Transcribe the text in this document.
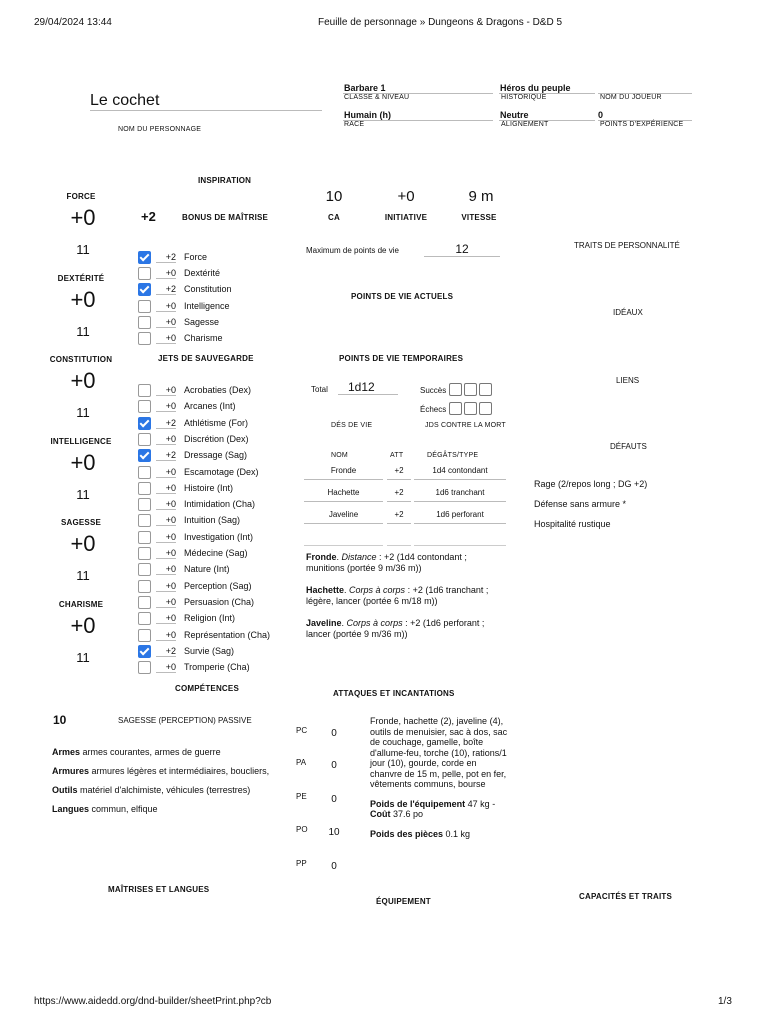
29/04/2024 13:44	Feuille de personnage » Dungeons & Dragons - D&D 5
https://www.aidedd.org/dnd-builder/sheetPrint.php?cb	1/3
Le cochet
NOM DU PERSONNAGE
Barbare 1
CLASSE & NIVEAU
Héros du peuple
HISTORIQUE	NOM DU JOUEUR
Humain (h)
RACE
Neutre
ALIGNEMENT
0
POINTS D'EXPÉRIENCE
FORCE
+0
11
DEXTÉRITÉ
+0
11
CONSTITUTION
+0
11
INTELLIGENCE
+0
11
SAGESSE
+0
11
CHARISME
+0
11
INSPIRATION
+2	BONUS DE MAÎTRISE
+2 Force
+0 Dextérité
+2 Constitution
+0 Intelligence
+0 Sagesse
+0 Charisme
JETS DE SAUVEGARDE
+0 Acrobaties (Dex)
+0 Arcanes (Int)
+2 Athlétisme (For)
+0 Discrétion (Dex)
+2 Dressage (Sag)
+0 Escamotage (Dex)
+0 Histoire (Int)
+0 Intimidation (Cha)
+0 Intuition (Sag)
+0 Investigation (Int)
+0 Médecine (Sag)
+0 Nature (Int)
+0 Perception (Sag)
+0 Persuasion (Cha)
+0 Religion (Int)
+0 Représentation (Cha)
+2 Survie (Sag)
+0 Tromperie (Cha)
COMPÉTENCES
10
CA
+0
INITIATIVE
9 m
VITESSE
Maximum de points de vie	12
POINTS DE VIE ACTUELS
POINTS DE VIE TEMPORAIRES
Total	1d12
DÉS DE VIE
Succès
Échecs
JDS CONTRE LA MORT
NOM	ATT	DÉGÂTS/TYPE
Fronde	+2	1d4 contondant
Hachette	+2	1d6 tranchant
Javeline	+2	1d6 perforant
Fronde. Distance : +2 (1d4 contondant ; munitions (portée 9 m/36 m))
Hachette. Corps à corps : +2 (1d6 tranchant ; légère, lancer (portée 6 m/18 m))
Javeline. Corps à corps : +2 (1d6 perforant ; lancer (portée 9 m/36 m))
ATTAQUES ET INCANTATIONS
TRAITS DE PERSONNALITÉ
IDÉAUX
LIENS
DÉFAUTS
Rage (2/repos long ; DG +2)
Défense sans armure *
Hospitalité rustique
CAPACITÉS ET TRAITS
10	SAGESSE (PERCEPTION) PASSIVE
Armes armes courantes, armes de guerre
Armures armures légères et intermédiaires, boucliers,
Outils matériel d'alchimiste, véhicules (terrestres)
Langues commun, elfique
MAÎTRISES ET LANGUES
PC	0
PA	0
PE	0
PO	10
PP	0
Fronde, hachette (2), javeline (4), outils de menuisier, sac à dos, sac de couchage, gamelle, boîte d'allume-feu, torche (10), rations/1 jour (10), gourde, corde en chanvre de 15 m, pelle, pot en fer, vêtements communs, bourse
Poids de l'équipement 47 kg - Coût 37.6 po
Poids des pièces 0.1 kg
ÉQUIPEMENT
